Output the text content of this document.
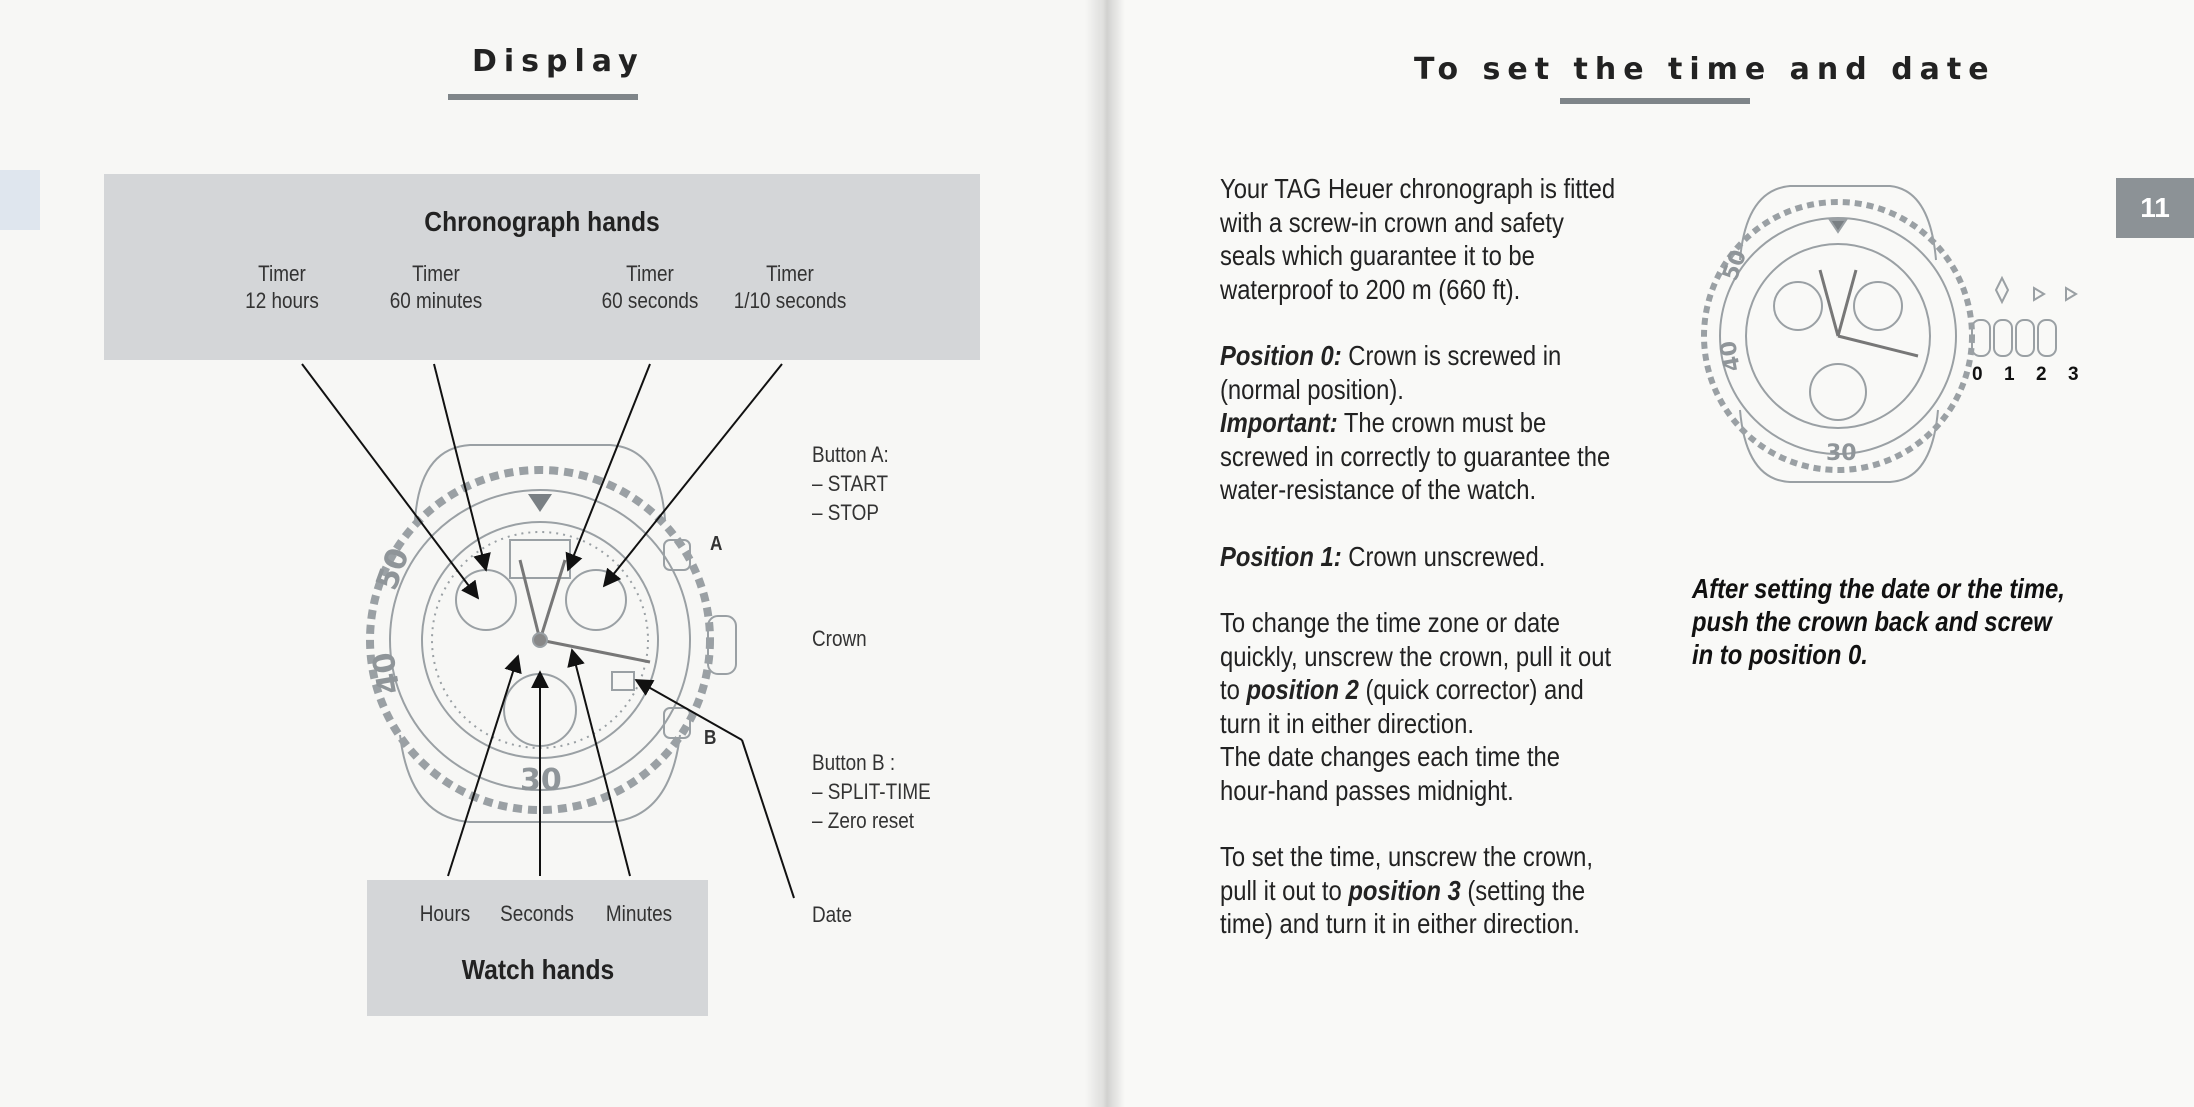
Display
Chronograph hands
Timer
12 hours
Timer
60 minutes
Timer
60 seconds
Timer
1/10 seconds
Hours Seconds Minutes
Watch hands
Button A:
– START
– STOP
Crown
Button B :
– SPLIT-TIME
– Zero reset
Date
50
40
30
A
B
To set the time and date

Your TAG Heuer chronograph is fitted with a screw-in crown and safety seals which guarantee it to be waterproof to 200 m (660 ft).

Position 0: Crown is screwed in (normal position).

Important: The crown must be screwed in correctly to guarantee the water-resistance of the watch.

Position 1: Crown unscrewed.

To change the time zone or date quickly, unscrew the crown, pull it out to position 2 (quick corrector) and turn it in either direction.

The date changes each time the hour-hand passes midnight.

To set the time, unscrew the crown, pull it out to position 3 (setting the time) and turn it in either direction.

50
40
30
0 1 2 3
After setting the date or the time, push the crown back and screw in to position 0.
11
